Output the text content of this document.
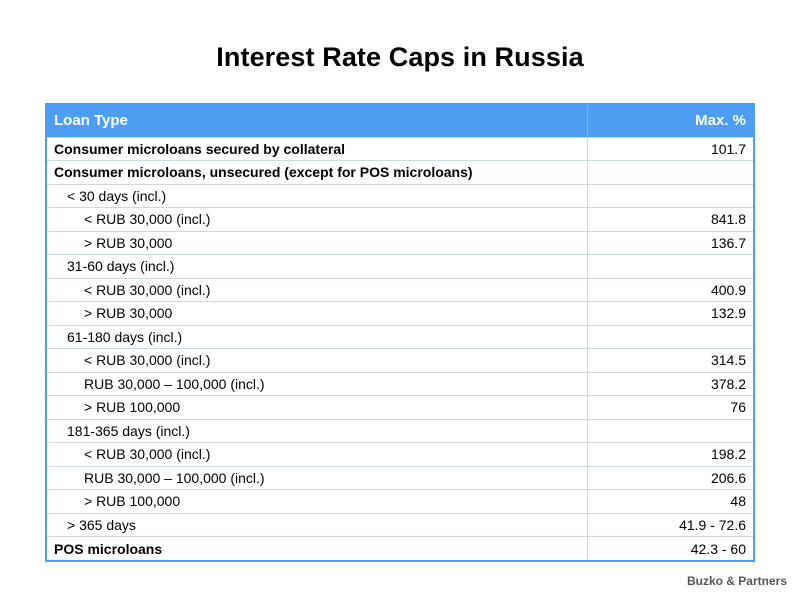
Interest Rate Caps in Russia
Loan Type	Max. %
Consumer microloans secured by collateral	101.7
Consumer microloans, unsecured (except for POS microloans)	
< 30 days (incl.)	
< RUB 30,000 (incl.)	841.8
> RUB 30,000	136.7
31-60 days (incl.)	
< RUB 30,000 (incl.)	400.9
> RUB 30,000	132.9
61-180 days (incl.)	
< RUB 30,000 (incl.)	314.5
RUB 30,000 – 100,000 (incl.)	378.2
> RUB 100,000	76
181-365 days (incl.)	
< RUB 30,000 (incl.)	198.2
RUB 30,000 – 100,000 (incl.)	206.6
> RUB 100,000	48
> 365 days	41.9 - 72.6
POS microloans	42.3 - 60
Buzko & Partners
